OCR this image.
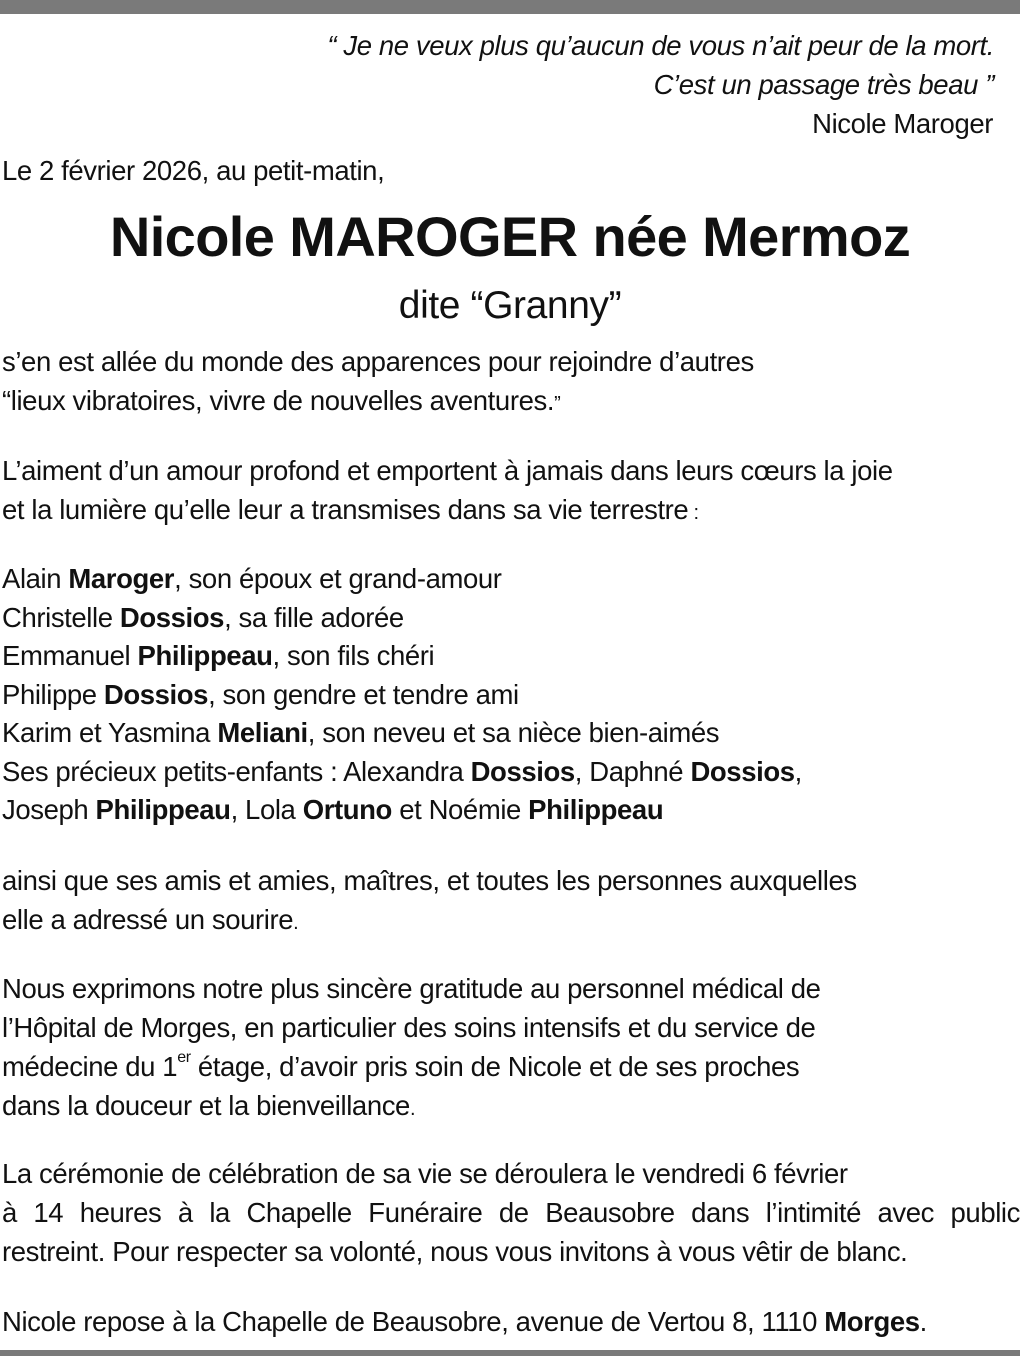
“ Je ne veux plus qu’aucun de vous n’ait peur de la mort.
C’est un passage très beau ”
Nicole Maroger
Le 2 février 2026, au petit-matin,
Nicole MAROGER née Mermoz
dite “Granny”
s’en est allée du monde des apparences pour rejoindre d’autres
“lieux vibratoires, vivre de nouvelles aventures.”
L’aiment d’un amour profond et emportent à jamais dans leurs cœurs la joie
et la lumière qu’elle leur a transmises dans sa vie terrestre :
Alain Maroger, son époux et grand-amour
Christelle Dossios, sa fille adorée
Emmanuel Philippeau, son fils chéri
Philippe Dossios, son gendre et tendre ami
Karim et Yasmina Meliani, son neveu et sa nièce bien-aimés
Ses précieux petits-enfants : Alexandra Dossios, Daphné Dossios,
Joseph Philippeau, Lola Ortuno et Noémie Philippeau
ainsi que ses amis et amies, maîtres, et toutes les personnes auxquelles
elle a adressé un sourire.
Nous exprimons notre plus sincère gratitude au personnel médical de
l’Hôpital de Morges, en particulier des soins intensifs et du service de
médecine du 1er étage, d’avoir pris soin de Nicole et de ses proches
dans la douceur et la bienveillance.
La cérémonie de célébration de sa vie se déroulera le vendredi 6 février
à 14 heures à la Chapelle Funéraire de Beausobre dans l’intimité avec public
restreint. Pour respecter sa volonté, nous vous invitons à vous vêtir de blanc.
Nicole repose à la Chapelle de Beausobre, avenue de Vertou 8, 1110 Morges.
